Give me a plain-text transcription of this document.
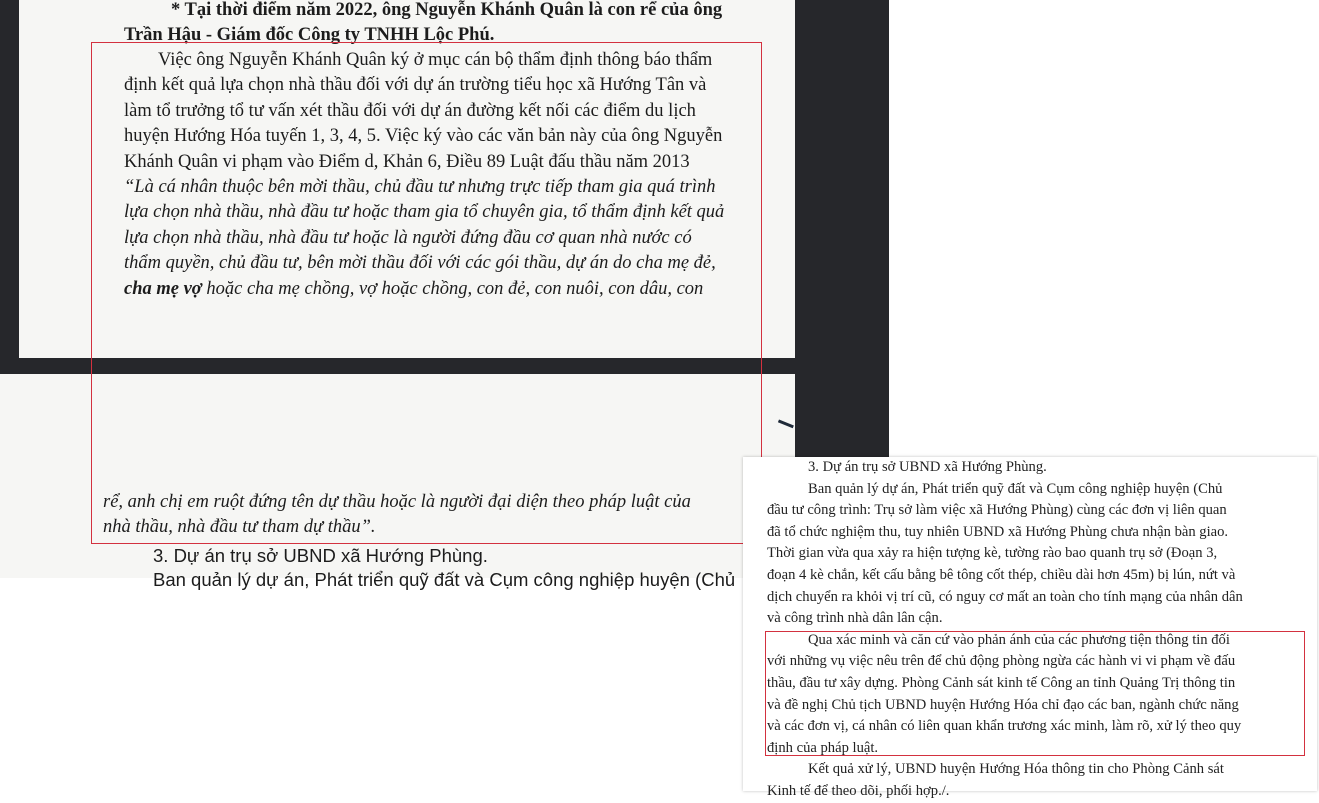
* Tại thời điểm năm 2022, ông Nguyễn Khánh Quân là con rể của ông
Trần Hậu - Giám đốc Công ty TNHH Lộc Phú.
Việc ông Nguyễn Khánh Quân ký ở mục cán bộ thẩm định thông báo thẩm
định kết quả lựa chọn nhà thầu đối với dự án trường tiểu học xã Hướng Tân và
làm tổ trưởng tổ tư vấn xét thầu đối với dự án đường kết nối các điểm du lịch
huyện Hướng Hóa tuyến 1, 3, 4, 5. Việc ký vào các văn bản này của ông Nguyễn
Khánh Quân vi phạm vào Điểm d, Khản 6, Điều 89 Luật đấu thầu năm 2013
“Là cá nhân thuộc bên mời thầu, chủ đầu tư nhưng trực tiếp tham gia quá trình
lựa chọn nhà thầu, nhà đầu tư hoặc tham gia tổ chuyên gia, tổ thẩm định kết quả
lựa chọn nhà thầu, nhà đầu tư hoặc là người đứng đầu cơ quan nhà nước có
thẩm quyền, chủ đầu tư, bên mời thầu đối với các gói thầu, dự án do cha mẹ đẻ,
cha mẹ vợ hoặc cha mẹ chồng, vợ hoặc chồng, con đẻ, con nuôi, con dâu, con
rể, anh chị em ruột đứng tên dự thầu hoặc là người đại diện theo pháp luật của
nhà thầu, nhà đầu tư tham dự thầu”.
3. Dự án trụ sở UBND xã Hướng Phùng.
Ban quản lý dự án, Phát triển quỹ đất và Cụm công nghiệp huyện (Chủ
3. Dự án trụ sở UBND xã Hướng Phùng.
Ban quản lý dự án, Phát triển quỹ đất và Cụm công nghiệp huyện (Chủ
đầu tư công trình: Trụ sở làm việc xã Hướng Phùng) cùng các đơn vị liên quan
đã tổ chức nghiệm thu, tuy nhiên UBND xã Hướng Phùng chưa nhận bàn giao.
Thời gian vừa qua xảy ra hiện tượng kè, tường rào bao quanh trụ sở (Đoạn 3,
đoạn 4 kè chắn, kết cấu bằng bê tông cốt thép, chiều dài hơn 45m) bị lún, nứt và
dịch chuyển ra khỏi vị trí cũ, có nguy cơ mất an toàn cho tính mạng của nhân dân
và công trình nhà dân lân cận.
Qua xác minh và căn cứ vào phản ánh của các phương tiện thông tin đối
với những vụ việc nêu trên để chủ động phòng ngừa các hành vi vi phạm về đấu
thầu, đầu tư xây dựng. Phòng Cảnh sát kinh tế Công an tỉnh Quảng Trị thông tin
và đề nghị Chủ tịch UBND huyện Hướng Hóa chỉ đạo các ban, ngành chức năng
và các đơn vị, cá nhân có liên quan khẩn trương xác minh, làm rõ, xử lý theo quy
định của pháp luật.
Kết quả xử lý, UBND huyện Hướng Hóa thông tin cho Phòng Cảnh sát
Kinh tế để theo dõi, phối hợp./.
